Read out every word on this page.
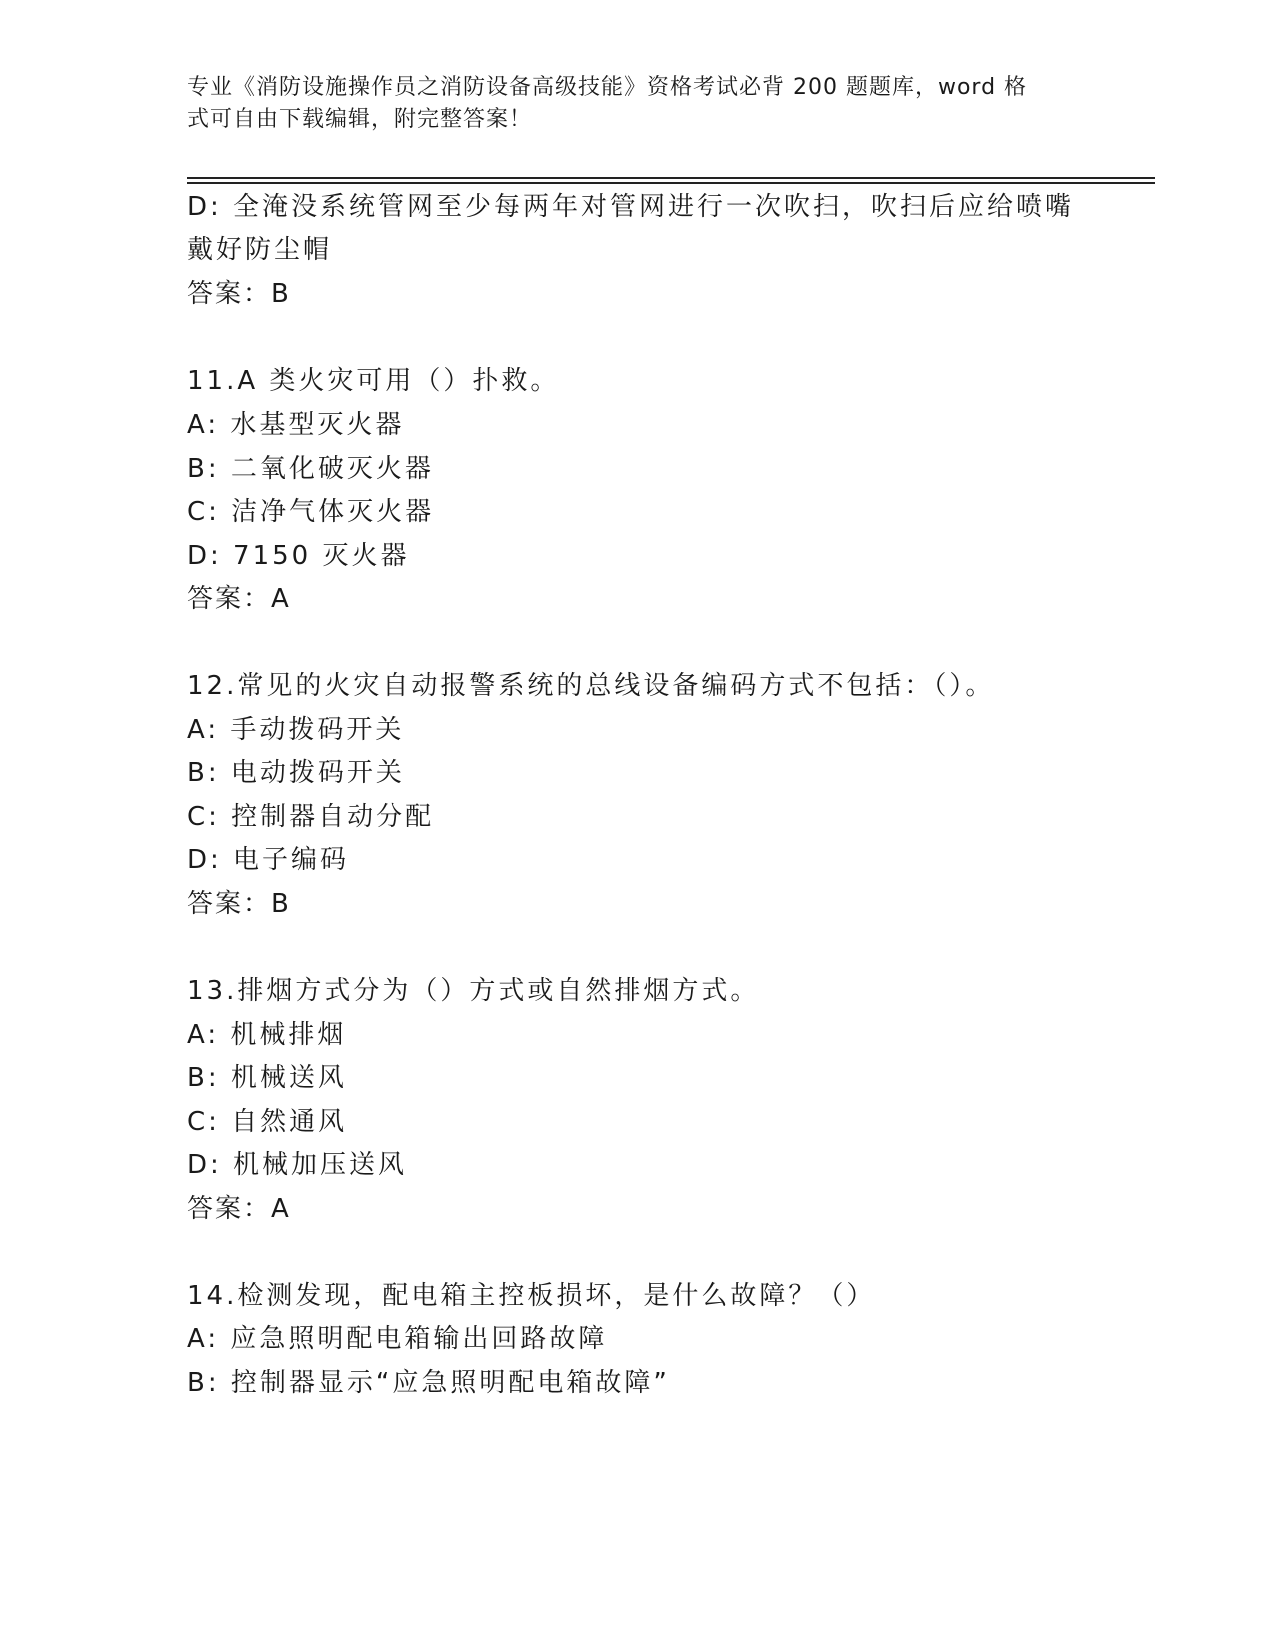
专业《消防设施操作员之消防设备高级技能》资格考试必背 200 题题库，word 格
式可自由下载编辑，附完整答案！
D: 全淹没系统管网至少每两年对管网进行一次吹扫，吹扫后应给喷嘴
戴好防尘帽
答案：B
11.A 类火灾可用（）扑救。
A: 水基型灭火器
B: 二氧化破灭火器
C: 洁净气体灭火器
D: 7150 灭火器
答案：A
12.常见的火灾自动报警系统的总线设备编码方式不包括：（）。
A: 手动拨码开关
B: 电动拨码开关
C: 控制器自动分配
D: 电子编码
答案：B
13.排烟方式分为（）方式或自然排烟方式。
A: 机械排烟
B: 机械送风
C: 自然通风
D: 机械加压送风
答案：A
14.检测发现，配电箱主控板损坏，是什么故障？（）
A: 应急照明配电箱输出回路故障
B: 控制器显示“应急照明配电箱故障”
